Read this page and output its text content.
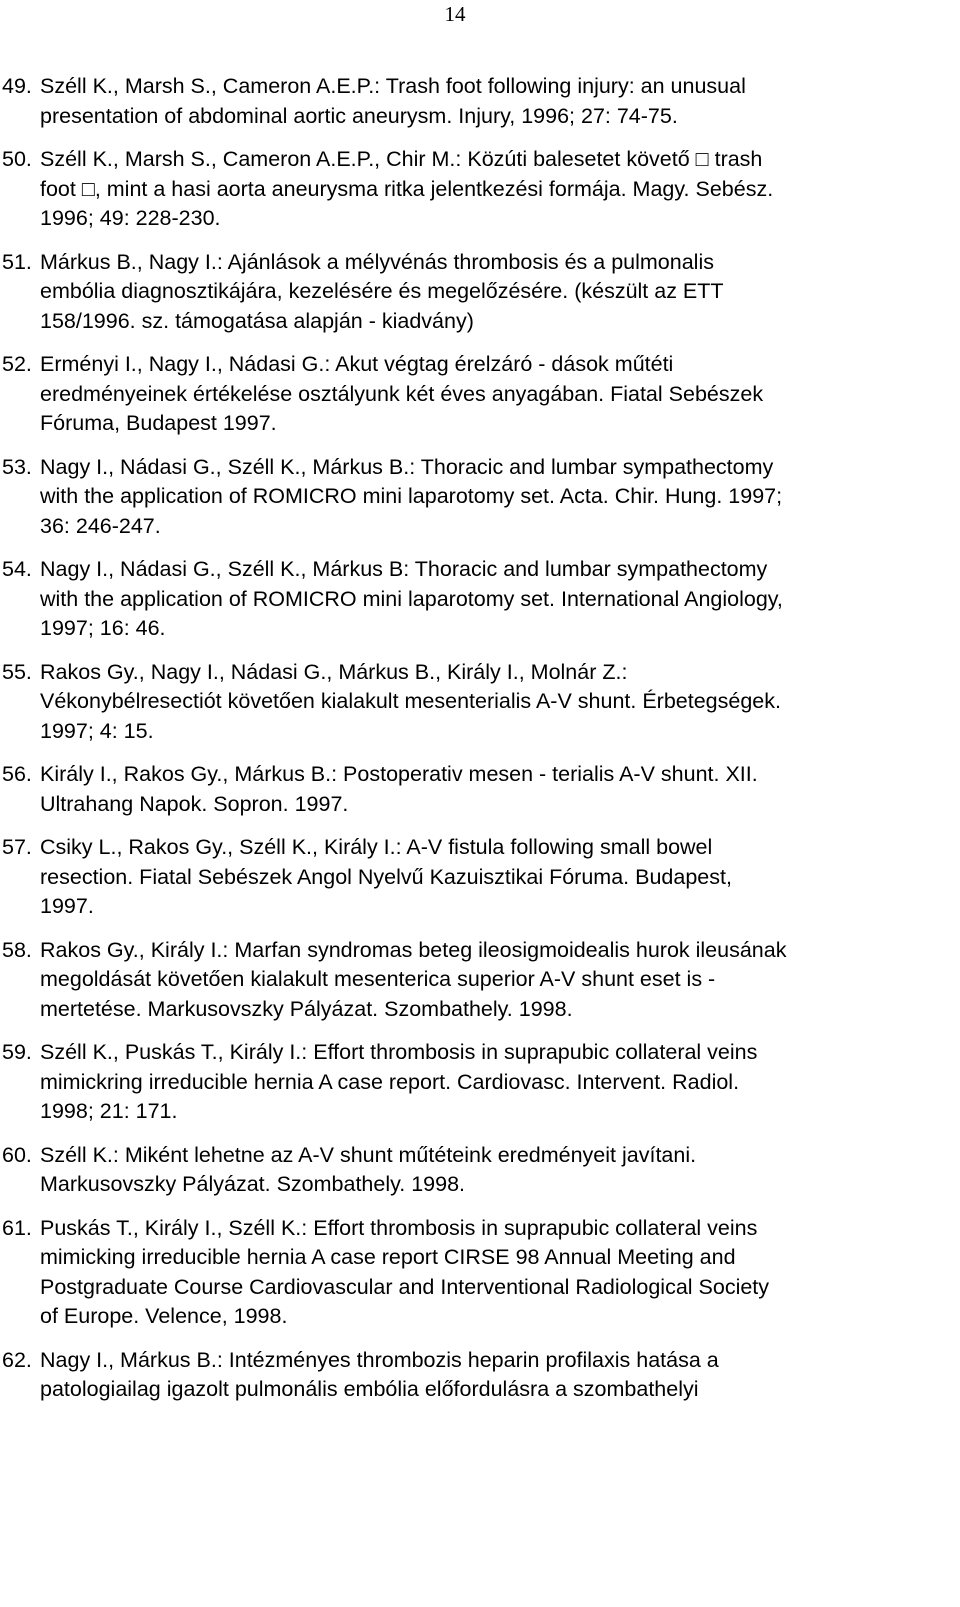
14
49. Széll K., Marsh S., Cameron A.E.P.: Trash foot following injury: an unusual
presentation of abdominal aortic aneurysm. Injury, 1996; 27: 74-75.
50. Széll K., Marsh S., Cameron A.E.P., Chir M.: Közúti balesetet követő □ trash
foot □, mint a hasi aorta aneurysma ritka jelentkezési formája. Magy. Sebész.
1996; 49: 228-230.
51. Márkus B., Nagy I.: Ajánlások a mélyvénás thrombosis és a pulmonalis
embólia diagnosztikájára, kezelésére és megelőzésére. (készült az ETT
158/1996. sz. támogatása alapján - kiadvány)
52. Erményi I., Nagy I., Nádasi G.: Akut végtag érelzáró - dások műtéti
eredményeinek értékelése osztályunk két éves anyagában. Fiatal Sebészek
Fóruma, Budapest 1997.
53. Nagy I., Nádasi G., Széll K., Márkus B.: Thoracic and lumbar sympathectomy
with the application of ROMICRO mini laparotomy set. Acta. Chir. Hung. 1997;
36: 246-247.
54. Nagy I., Nádasi G., Széll K., Márkus B: Thoracic and lumbar sympathectomy
with the application of ROMICRO mini laparotomy set. International Angiology,
1997; 16: 46.
55. Rakos Gy., Nagy I., Nádasi G., Márkus B., Király I., Molnár Z.:
Vékonybélresectiót követően kialakult mesenterialis A-V shunt. Érbetegségek.
1997; 4: 15.
56. Király I., Rakos Gy., Márkus B.: Postoperativ mesen - terialis A-V shunt. XII.
Ultrahang Napok. Sopron. 1997.
57. Csiky L., Rakos Gy., Széll K., Király I.: A-V fistula following small bowel
resection. Fiatal Sebészek Angol Nyelvű Kazuisztikai Fóruma. Budapest,
1997.
58. Rakos Gy., Király I.: Marfan syndromas beteg ileosigmoidealis hurok ileusának
megoldását követően kialakult mesenterica superior A-V shunt eset is -
mertetése. Markusovszky Pályázat. Szombathely. 1998.
59. Széll K., Puskás T., Király I.: Effort thrombosis in suprapubic collateral veins
mimickring irreducible hernia A case report. Cardiovasc. Intervent. Radiol.
1998; 21: 171.
60. Széll K.: Miként lehetne az A-V shunt műtéteink eredményeit javítani.
Markusovszky Pályázat. Szombathely. 1998.
61. Puskás T., Király I., Széll K.: Effort thrombosis in suprapubic collateral veins
mimicking irreducible hernia A case report CIRSE 98 Annual Meeting and
Postgraduate Course Cardiovascular and Interventional Radiological Society
of Europe. Velence, 1998.
62. Nagy I., Márkus B.: Intézményes thrombozis heparin profilaxis hatása a
patologiailag igazolt pulmonális embólia előfordulásra a szombathelyi
